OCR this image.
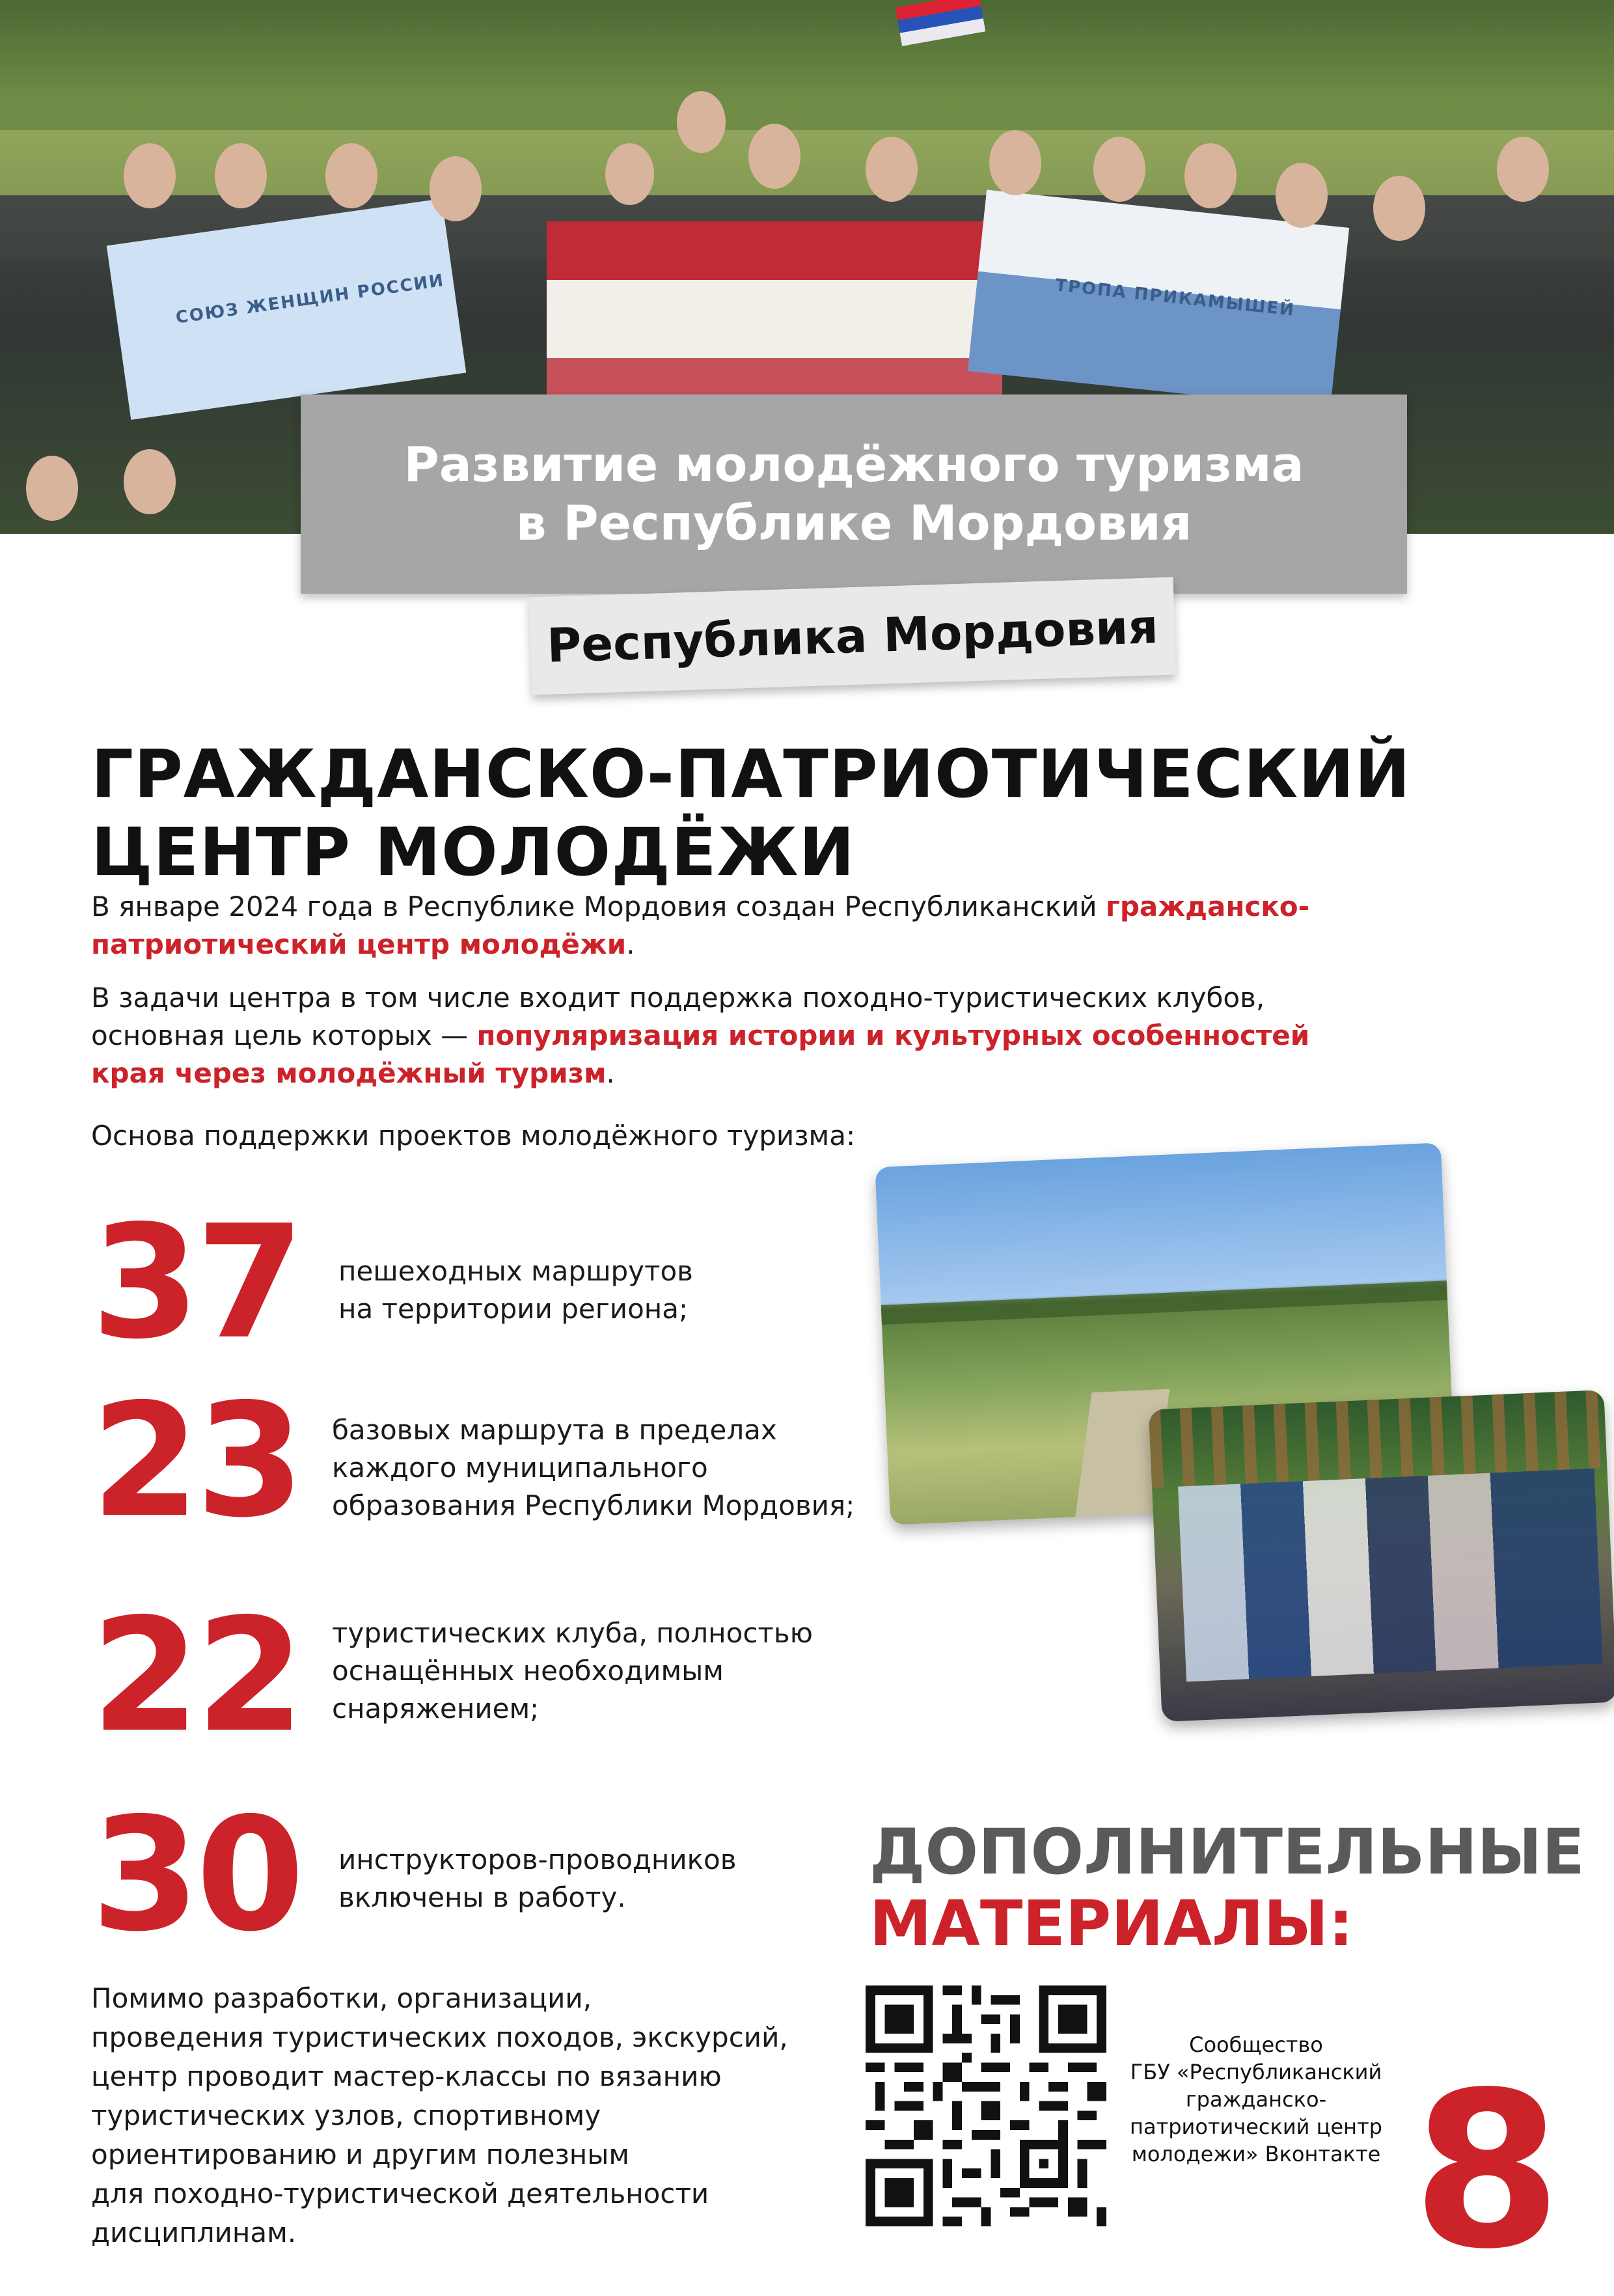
СОЮЗ ЖЕНЩИН РОССИИ	ТРОПА ПРИКАМЫШЕЙ
Развитие молодёжного туризма
в Республике Мордовия
Республика Мордовия
ГРАЖДАНСКО-ПАТРИОТИЧЕСКИЙ
ЦЕНТР МОЛОДЁЖИ
В январе 2024 года в Республике Мордовия создан Республиканский гражданско-патриотический центр молодёжи.
В задачи центра в том числе входит поддержка походно-туристических клубов, основная цель которых — популяризация истории и культурных особенностей края через молодёжный туризм.
Основа поддержки проектов молодёжного туризма:
37 пешеходных маршрутов
на территории региона;
23 базовых маршрута в пределах
каждого муниципального
образования Республики Мордовия;
22 туристических клуба, полностью
оснащённых необходимым
снаряжением;
30 инструкторов-проводников
включены в работу.
Помимо разработки, организации,
проведения туристических походов, экскурсий,
центр проводит мастер-классы по вязанию
туристических узлов, спортивному
ориентированию и другим полезным
для походно-туристической деятельности
дисциплинам.
ДОПОЛНИТЕЛЬНЫЕ
МАТЕРИАЛЫ:
Сообщество
ГБУ «Республиканский
гражданско-
патриотический центр
молодежи» Вконтакте 8
